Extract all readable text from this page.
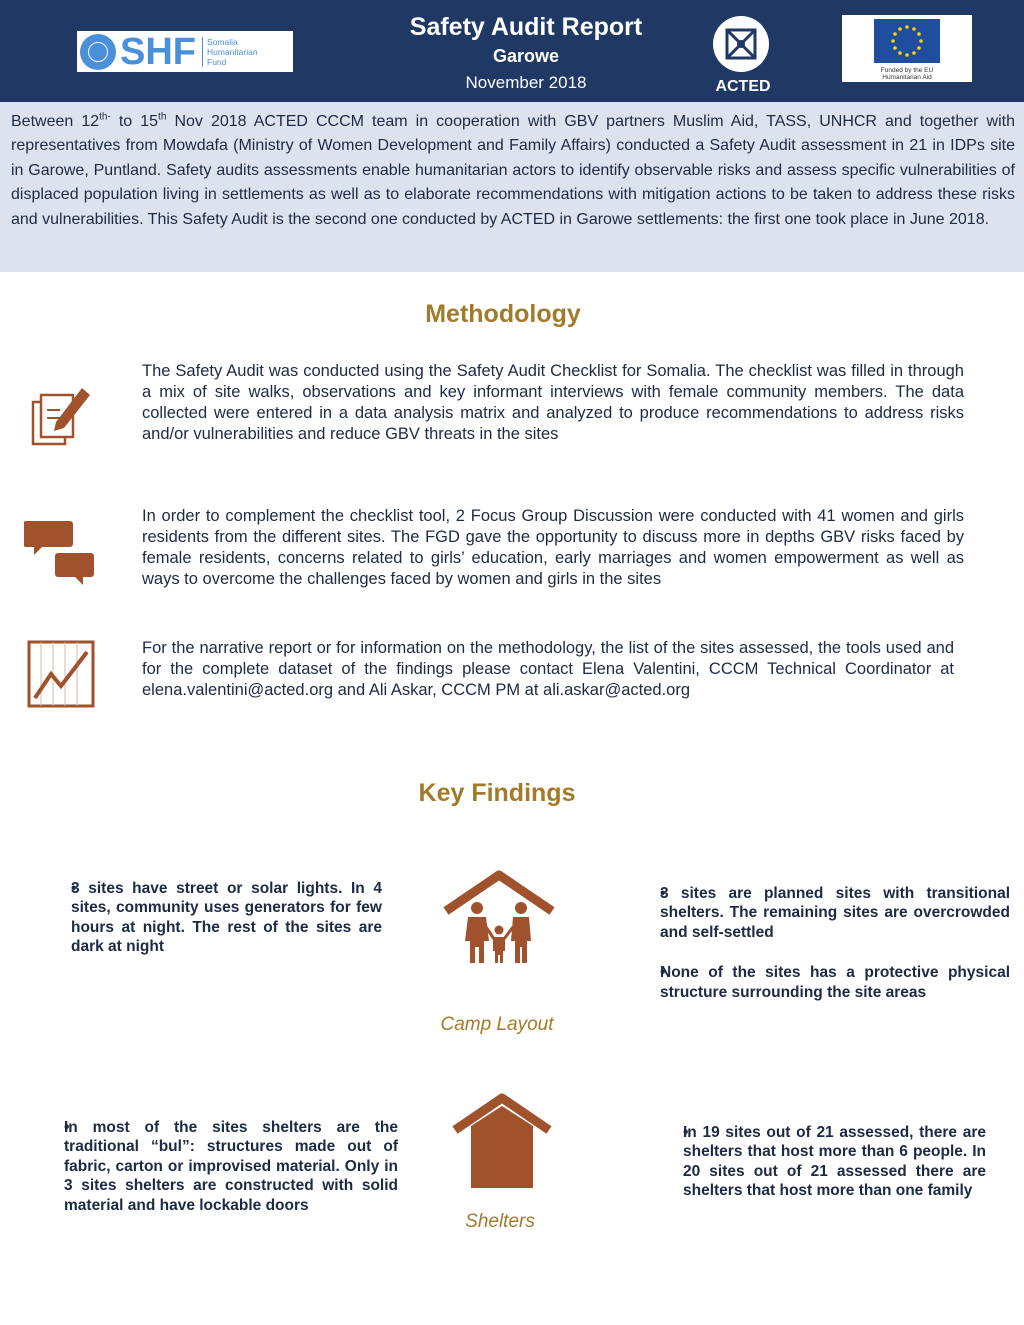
SHF Somalia
Humanitarian
Fund
Safety Audit Report
Garowe
November 2018	ACTED
Funded by the EU Humanitarian Aid

Between $12^{th-}$ to 15th Nov 2018 ACTED CCCM team in cooperation with GBV partners Muslim Aid, TASS, UNHCR and together with representatives from Mowdafa (Ministry of Women Development and Family Affairs) conducted a Safety Audit assessment in 21 in IDPs site in Garowe, Puntland. Safety audits assessments enable humanitarian actors to identify observable risks and assess specific vulnerabilities of displaced population living in settlements as well as to elaborate recommendations with mitigation actions to be taken to address these risks and vulnerabilities. This Safety Audit is the second one conducted by ACTED in Garowe settlements: the first one took place in June 2018.

Methodology

The Safety Audit was conducted using the Safety Audit Checklist for Somalia. The checklist was filled in through a mix of site walks, observations and key informant interviews with female community members. The data collected were entered in a data analysis matrix and analyzed to produce recommendations to address risks and/or vulnerabilities and reduce GBV threats in the sites

In order to complement the checklist tool, 2 Focus Group Discussion were conducted with 41 women and girls residents from the different sites. The FGD gave the opportunity to discuss more in depths GBV risks faced by female residents, concerns related to girls’ education, early marriages and women empowerment as well as ways to overcome the challenges faced by women and girls in the sites

For the narrative report or for information on the methodology, the list of the sites assessed, the tools used and for the complete dataset of the findings please contact Elena Valentini, CCCM Technical Coordinator at elena.valentini@acted.org and Ali Askar, CCCM PM at ali.askar@acted.org

Key Findings
• 3 sites have street or solar lights. In 4 sites, community uses generators for few hours at night. The rest of the sites are dark at night
Camp Layout
• 3 sites are planned sites with transitional shelters. The remaining sites are overcrowded and self-settled
• None of the sites has a protective physical structure surrounding the site areas
• In most of the sites shelters are the traditional “bul”: structures made out of fabric, carton or improvised material. Only in 3 sites shelters are constructed with solid material and have lockable doors
Shelters
• In 19 sites out of 21 assessed, there are shelters that host more than 6 people. In 20 sites out of 21 assessed there are shelters that host more than one family
